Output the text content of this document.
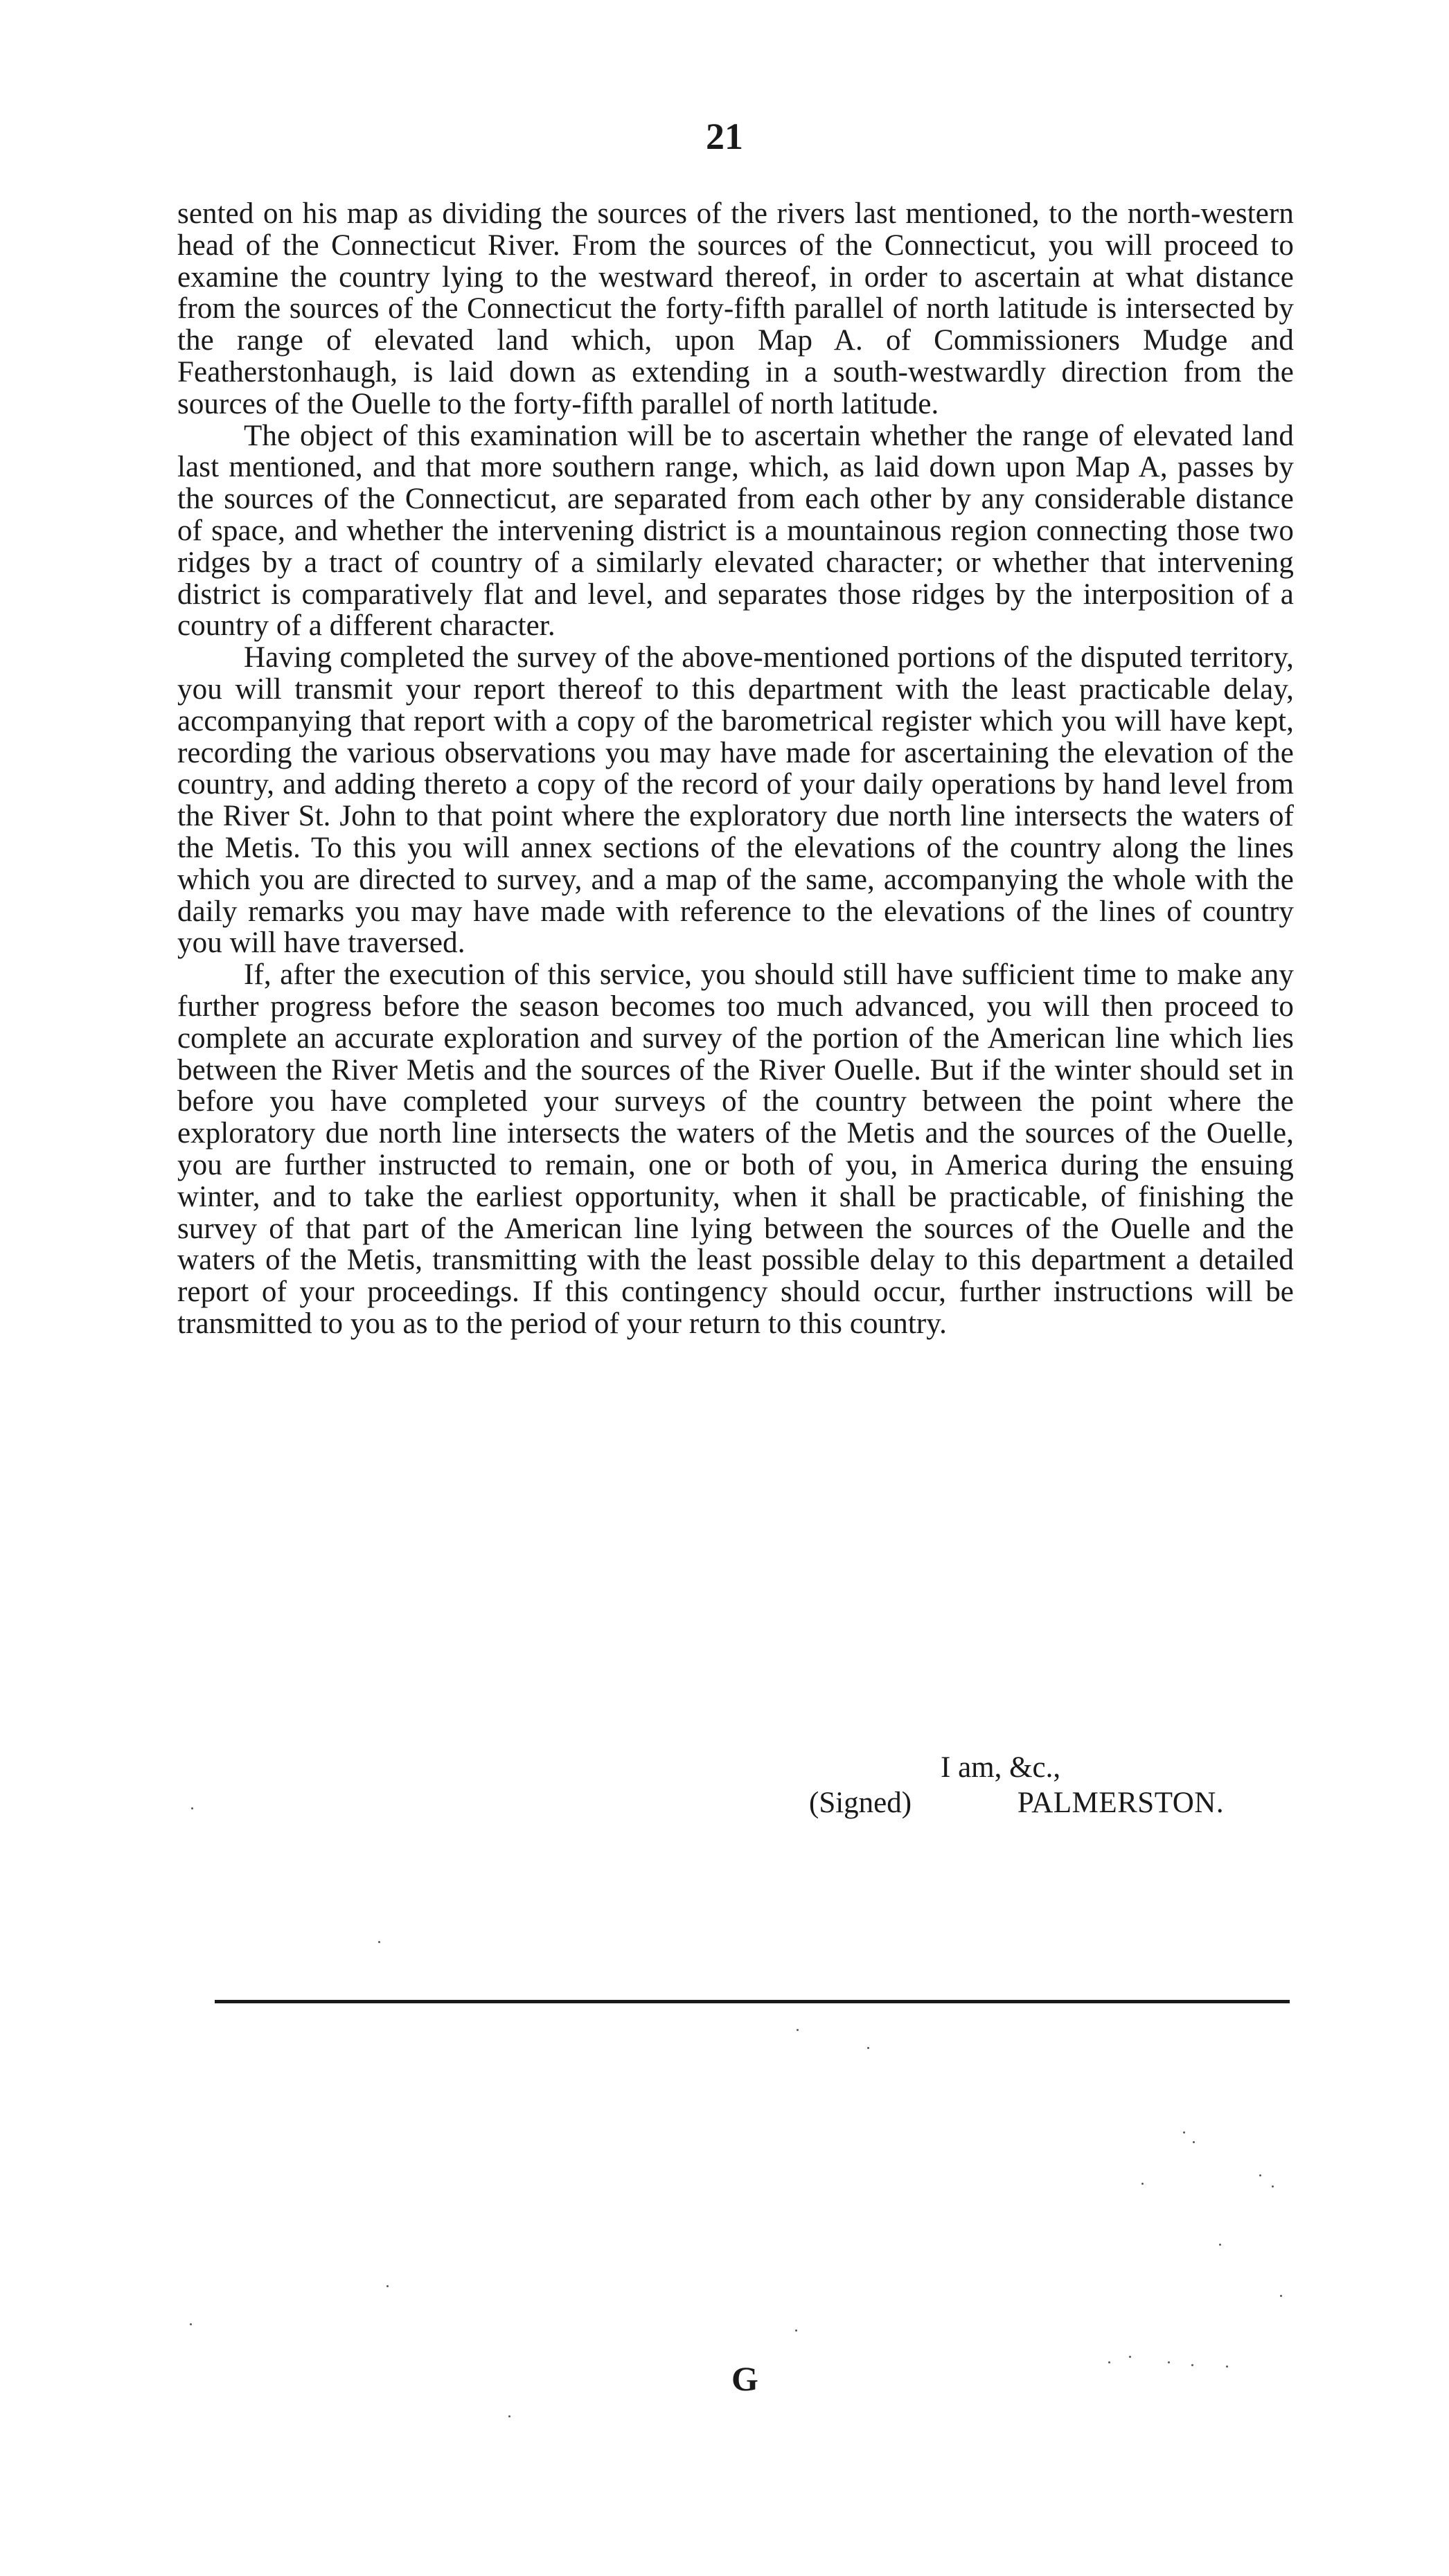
21

sented on his map as dividing the sources of the rivers last mentioned, to the north-western head of the Connecticut River. From the sources of the Connecticut, you will proceed to examine the country lying to the westward thereof, in order to ascertain at what distance from the sources of the Connecticut the forty-fifth parallel of north latitude is intersected by the range of elevated land which, upon Map A. of Commissioners Mudge and Featherstonhaugh, is laid down as extending in a south-westwardly direction from the sources of the Ouelle to the forty-fifth parallel of north latitude.

The object of this examination will be to ascertain whether the range of elevated land last mentioned, and that more southern range, which, as laid down upon Map A, passes by the sources of the Connecticut, are separated from each other by any considerable distance of space, and whether the intervening district is a mountainous region connecting those two ridges by a tract of country of a similarly elevated character; or whether that intervening district is comparatively flat and level, and separates those ridges by the interposition of a country of a different character.

Having completed the survey of the above-mentioned portions of the disputed territory, you will transmit your report thereof to this department with the least practicable delay, accompanying that report with a copy of the barometrical register which you will have kept, recording the various observations you may have made for ascertaining the elevation of the country, and adding thereto a copy of the record of your daily operations by hand level from the River St. John to that point where the exploratory due north line intersects the waters of the Metis. To this you will annex sections of the elevations of the country along the lines which you are directed to survey, and a map of the same, accompanying the whole with the daily remarks you may have made with reference to the elevations of the lines of country you will have traversed.

If, after the execution of this service, you should still have sufficient time to make any further progress before the season becomes too much advanced, you will then proceed to complete an accurate exploration and survey of the portion of the American line which lies between the River Metis and the sources of the River Ouelle. But if the winter should set in before you have completed your surveys of the country between the point where the exploratory due north line intersects the waters of the Metis and the sources of the Ouelle, you are further instructed to remain, one or both of you, in America during the ensuing winter, and to take the earliest opportunity, when it shall be practicable, of finishing the survey of that part of the American line lying between the sources of the Ouelle and the waters of the Metis, transmitting with the least possible delay to this department a detailed report of your proceedings. If this contingency should occur, further instructions will be transmitted to you as to the period of your return to this country.

I am, &c.,
(Signed)	PALMERSTON.
G
